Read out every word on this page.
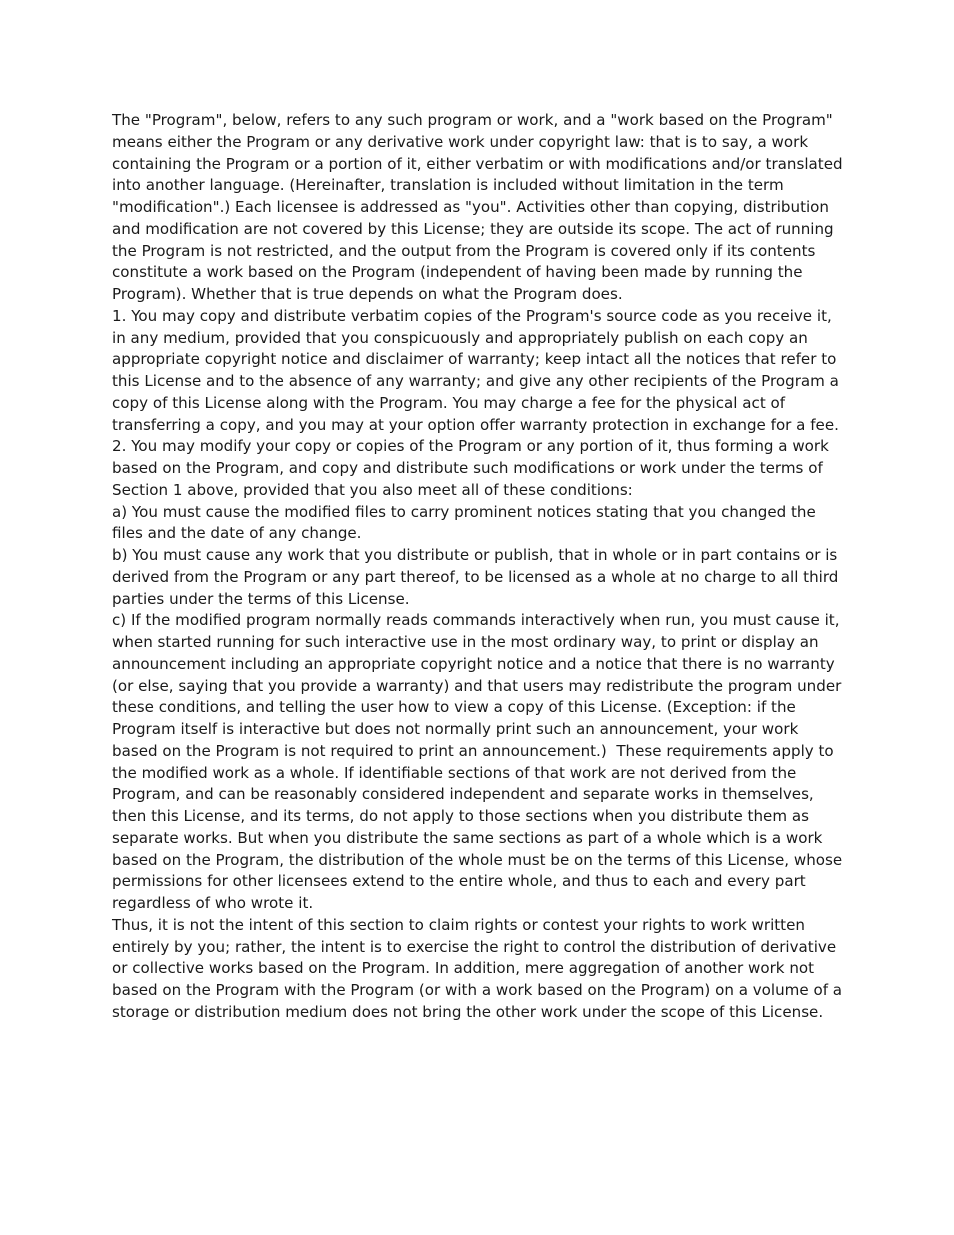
The "Program", below, refers to any such program or work, and a "work based on the Program" means either the Program or any derivative work under copyright law: that is to say, a work containing the Program or a portion of it, either verbatim or with modifications and/or translated into another language. (Hereinafter, translation is included without limitation in the term "modification".) Each licensee is addressed as "you". Activities other than copying, distribution and modification are not covered by this License; they are outside its scope. The act of running the Program is not restricted, and the output from the Program is covered only if its contents constitute a work based on the Program (independent of having been made by running the Program). Whether that is true depends on what the Program does.

1. You may copy and distribute verbatim copies of the Program's source code as you receive it, in any medium, provided that you conspicuously and appropriately publish on each copy an appropriate copyright notice and disclaimer of warranty; keep intact all the notices that refer to this License and to the absence of any warranty; and give any other recipients of the Program a copy of this License along with the Program. You may charge a fee for the physical act of transferring a copy, and you may at your option offer warranty protection in exchange for a fee.

2. You may modify your copy or copies of the Program or any portion of it, thus forming a work based on the Program, and copy and distribute such modifications or work under the terms of Section 1 above, provided that you also meet all of these conditions:

a) You must cause the modified files to carry prominent notices stating that you changed the files and the date of any change.

b) You must cause any work that you distribute or publish, that in whole or in part contains or is derived from the Program or any part thereof, to be licensed as a whole at no charge to all third parties under the terms of this License.

c) If the modified program normally reads commands interactively when run, you must cause it, when started running for such interactive use in the most ordinary way, to print or display an announcement including an appropriate copyright notice and a notice that there is no warranty (or else, saying that you provide a warranty) and that users may redistribute the program under these conditions, and telling the user how to view a copy of this License. (Exception: if the Program itself is interactive but does not normally print such an announcement, your work based on the Program is not required to print an announcement.)  These requirements apply to the modified work as a whole. If identifiable sections of that work are not derived from the Program, and can be reasonably considered independent and separate works in themselves, then this License, and its terms, do not apply to those sections when you distribute them as separate works. But when you distribute the same sections as part of a whole which is a work based on the Program, the distribution of the whole must be on the terms of this License, whose permissions for other licensees extend to the entire whole, and thus to each and every part regardless of who wrote it.

Thus, it is not the intent of this section to claim rights or contest your rights to work written entirely by you; rather, the intent is to exercise the right to control the distribution of derivative or collective works based on the Program. In addition, mere aggregation of another work not based on the Program with the Program (or with a work based on the Program) on a volume of a storage or distribution medium does not bring the other work under the scope of this License.
